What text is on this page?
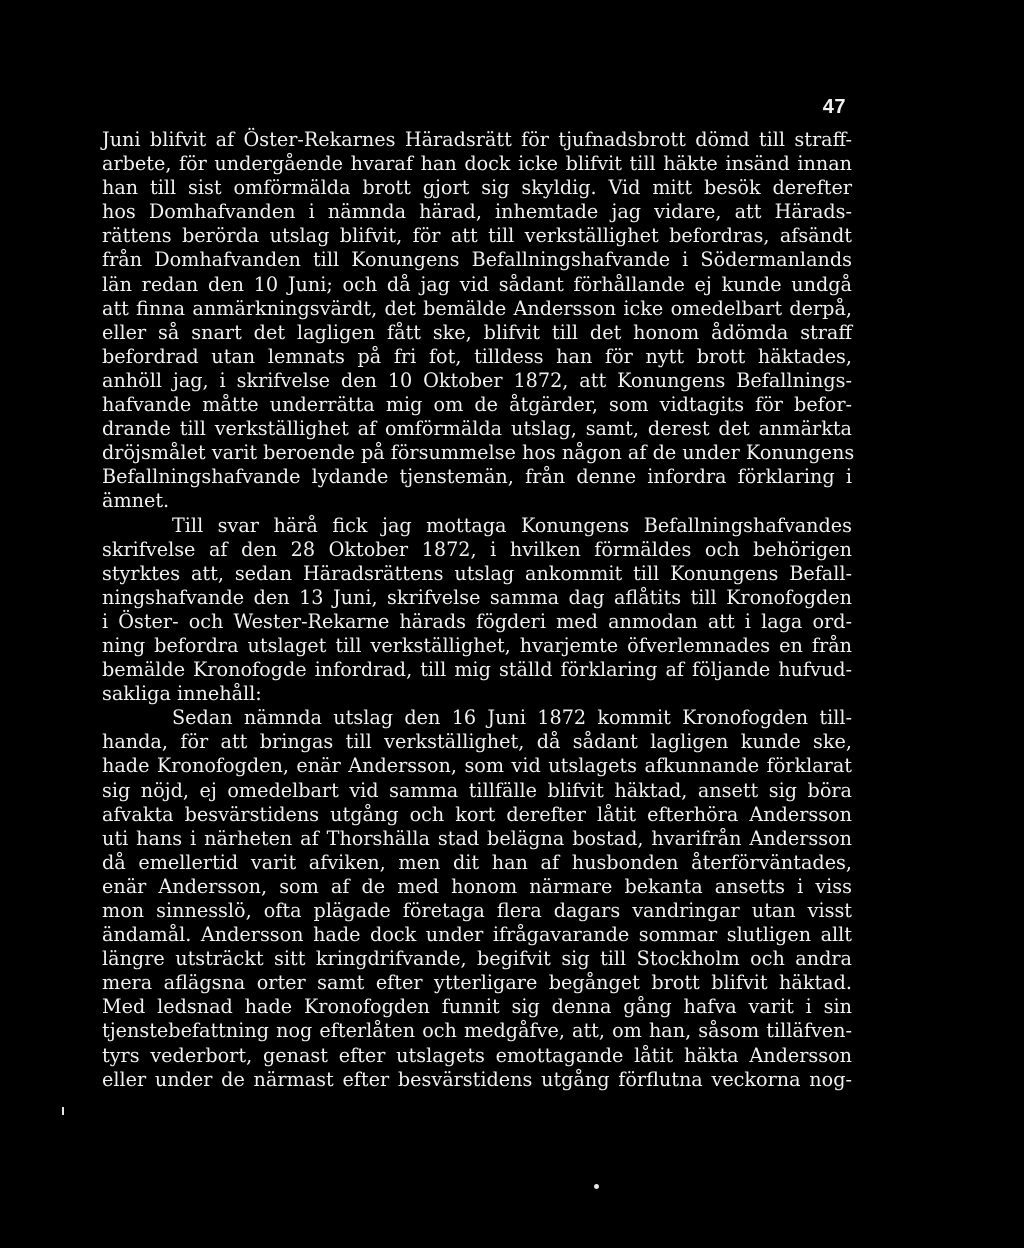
47
Juni blifvit af Öster-Rekarnes Häradsrätt för tjufnadsbrott dömd till straff-
arbete, för undergående hvaraf han dock icke blifvit till häkte insänd innan
han till sist omförmälda brott gjort sig skyldig. Vid mitt besök derefter
hos Domhafvanden i nämnda härad, inhemtade jag vidare, att Härads-
rättens berörda utslag blifvit, för att till verkställighet befordras, afsändt
från Domhafvanden till Konungens Befallningshafvande i Södermanlands
län redan den 10 Juni; och då jag vid sådant förhållande ej kunde undgå
att finna anmärkningsvärdt, det bemälde Andersson icke omedelbart derpå,
eller så snart det lagligen fått ske, blifvit till det honom ådömda straff
befordrad utan lemnats på fri fot, tilldess han för nytt brott häktades,
anhöll jag, i skrifvelse den 10 Oktober 1872, att Konungens Befallnings-
hafvande måtte underrätta mig om de åtgärder, som vidtagits för befor-
drande till verkställighet af omförmälda utslag, samt, derest det anmärkta
dröjsmålet varit beroende på försummelse hos någon af de under Konungens
Befallningshafvande lydande tjenstemän, från denne infordra förklaring i
ämnet.
Till svar härå fick jag mottaga Konungens Befallningshafvandes
skrifvelse af den 28 Oktober 1872, i hvilken förmäldes och behörigen
styrktes att, sedan Häradsrättens utslag ankommit till Konungens Befall-
ningshafvande den 13 Juni, skrifvelse samma dag aflåtits till Kronofogden
i Öster- och Wester-Rekarne härads fögderi med anmodan att i laga ord-
ning befordra utslaget till verkställighet, hvarjemte öfverlemnades en från
bemälde Kronofogde infordrad, till mig ställd förklaring af följande hufvud-
sakliga innehåll:
Sedan nämnda utslag den 16 Juni 1872 kommit Kronofogden till-
handa, för att bringas till verkställighet, då sådant lagligen kunde ske,
hade Kronofogden, enär Andersson, som vid utslagets afkunnande förklarat
sig nöjd, ej omedelbart vid samma tillfälle blifvit häktad, ansett sig böra
afvakta besvärstidens utgång och kort derefter låtit efterhöra Andersson
uti hans i närheten af Thorshälla stad belägna bostad, hvarifrån Andersson
då emellertid varit afviken, men dit han af husbonden återförväntades,
enär Andersson, som af de med honom närmare bekanta ansetts i viss
mon sinnesslö, ofta plägade företaga flera dagars vandringar utan visst
ändamål. Andersson hade dock under ifrågavarande sommar slutligen allt
längre utsträckt sitt kringdrifvande, begifvit sig till Stockholm och andra
mera aflägsna orter samt efter ytterligare begånget brott blifvit häktad.
Med ledsnad hade Kronofogden funnit sig denna gång hafva varit i sin
tjenstebefattning nog efterlåten och medgåfve, att, om han, såsom tilläfven-
tyrs vederbort, genast efter utslagets emottagande låtit häkta Andersson
eller under de närmast efter besvärstidens utgång förflutna veckorna nog-
